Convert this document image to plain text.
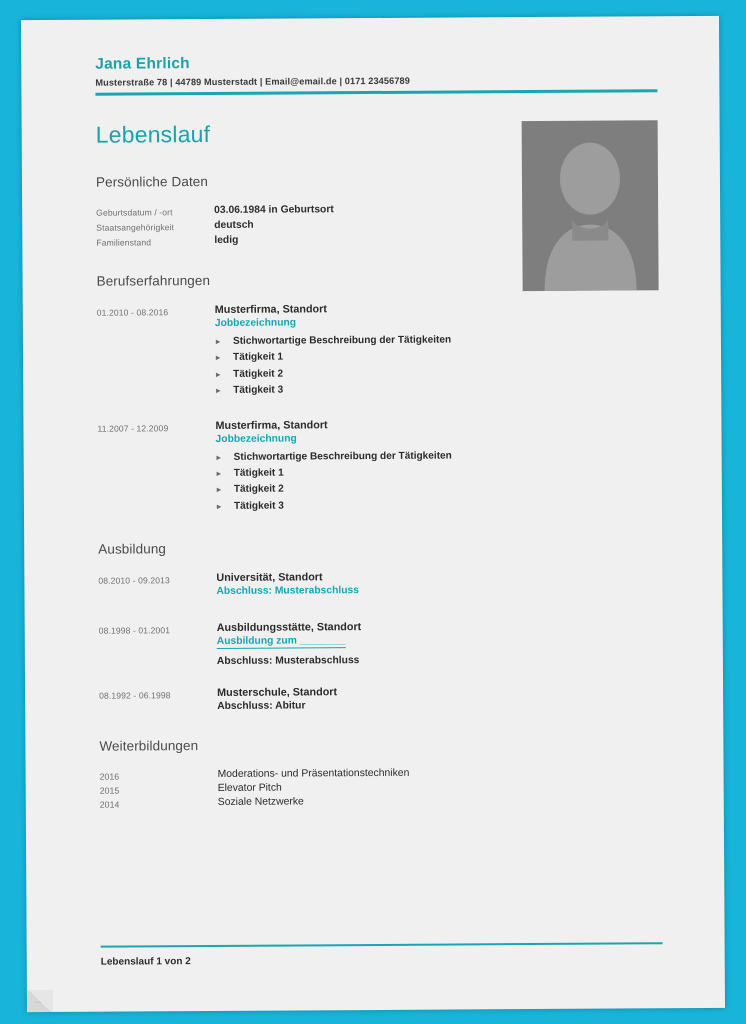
Jana Ehrlich
Musterstraße 78 | 44789 Musterstadt | Email@email.de | 0171 23456789
Lebenslauf
Persönliche Daten
Geburtsdatum / -ort	03.06.1984 in Geburtsort
Staatsangehörigkeit	deutsch
Familienstand	ledig
Berufserfahrungen
01.2010 - 08.2016	Musterfirma, Standort
Jobbezeichnung
▸ Stichwortartige Beschreibung der Tätigkeiten
▸ Tätigkeit 1
▸ Tätigkeit 2
▸ Tätigkeit 3
11.2007 - 12.2009	Musterfirma, Standort
Jobbezeichnung
▸ Stichwortartige Beschreibung der Tätigkeiten
▸ Tätigkeit 1
▸ Tätigkeit 2
▸ Tätigkeit 3
Ausbildung
08.2010 - 09.2013	Universität, Standort
Abschluss: Musterabschluss
08.1998 - 01.2001	Ausbildungsstätte, Standort
Ausbildung zum ________
Abschluss: Musterabschluss
08.1992 - 06.1998	Musterschule, Standort
Abschluss: Abitur
Weiterbildungen
2016	Moderations- und Präsentationstechniken
2015	Elevator Pitch
2014	Soziale Netzwerke
Lebenslauf 1 von 2
•••
